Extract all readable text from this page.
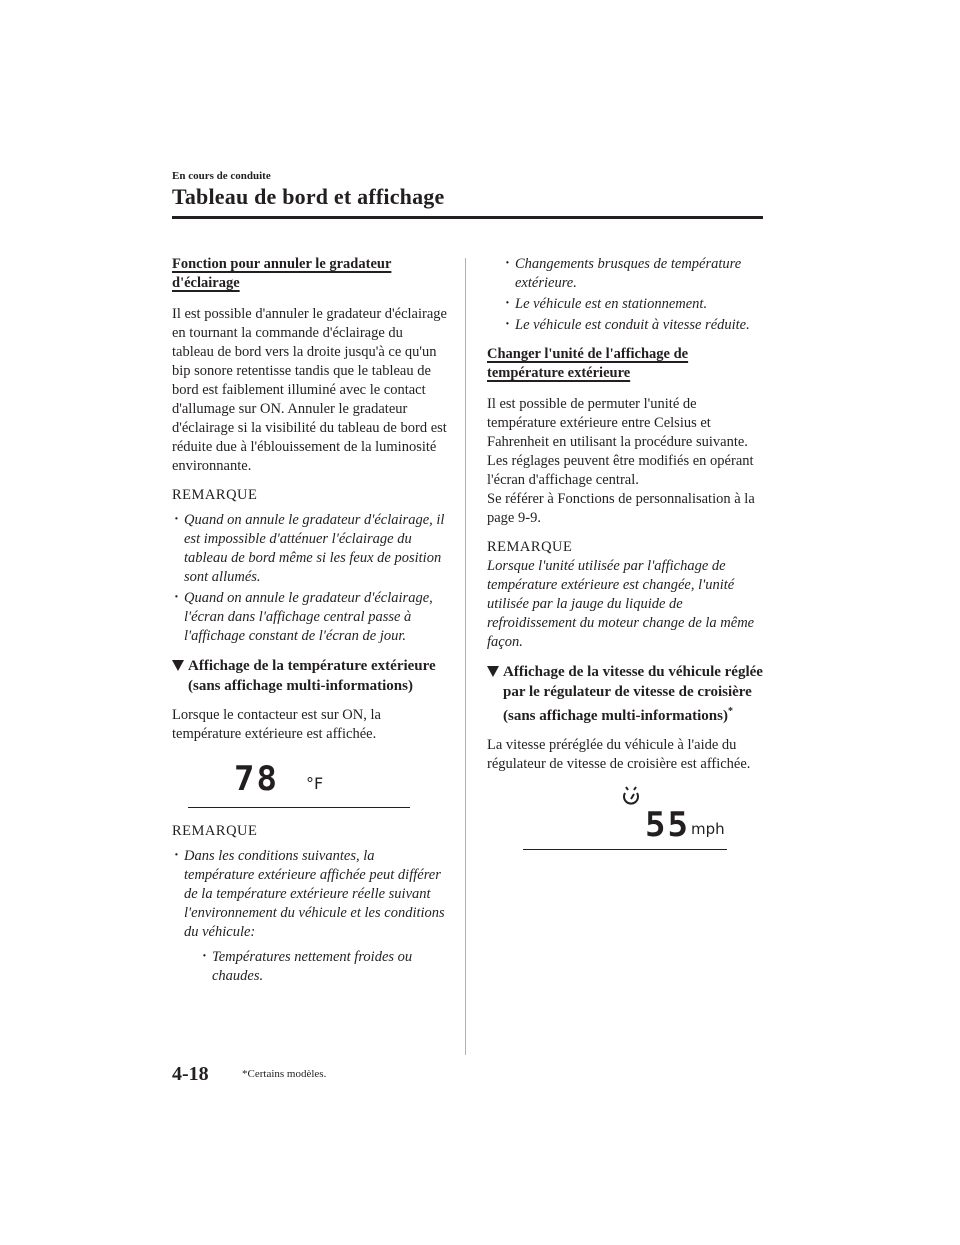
En cours de conduite
Tableau de bord et affichage
Fonction pour annuler le gradateur
d'éclairage

Il est possible d'annuler le gradateur d'éclairage en tournant la commande d'éclairage du tableau de bord vers la droite jusqu'à ce qu'un bip sonore retentisse tandis que le tableau de bord est faiblement illuminé avec le contact d'allumage sur ON. Annuler le gradateur d'éclairage si la visibilité du tableau de bord est réduite due à l'éblouissement de la luminosité environnante.

REMARQUE

· Quand on annule le gradateur d'éclairage, il est impossible d'atténuer l'éclairage du tableau de bord même si les feux de position sont allumés.
· Quand on annule le gradateur d'éclairage, l'écran dans l'affichage central passe à l'affichage constant de l'écran de jour.
Affichage de la température extérieure (sans affichage multi-informations)

Lorsque le contacteur est sur ON, la température extérieure est affichée.

78 °F

REMARQUE

· Dans les conditions suivantes, la température extérieure affichée peut différer de la température extérieure réelle suivant l'environnement du véhicule et les conditions du véhicule:
· Températures nettement froides ou chaudes.
· Changements brusques de température extérieure.
· Le véhicule est en stationnement.
· Le véhicule est conduit à vitesse réduite.
Changer l'unité de l'affichage de
température extérieure

Il est possible de permuter l'unité de température extérieure entre Celsius et Fahrenheit en utilisant la procédure suivante.

Les réglages peuvent être modifiés en opérant l'écran d'affichage central.

Se référer à Fonctions de personnalisation à la page 9-9.

REMARQUE

Lorsque l'unité utilisée par l'affichage de température extérieure est changée, l'unité utilisée par la jauge du liquide de refroidissement du moteur change de la même façon.

Affichage de la vitesse du véhicule réglée par le régulateur de vitesse de croisière (sans affichage multi-informations)*

La vitesse préréglée du véhicule à l'aide du régulateur de vitesse de croisière est affichée.

55 mph
4-18	*Certains modèles.
